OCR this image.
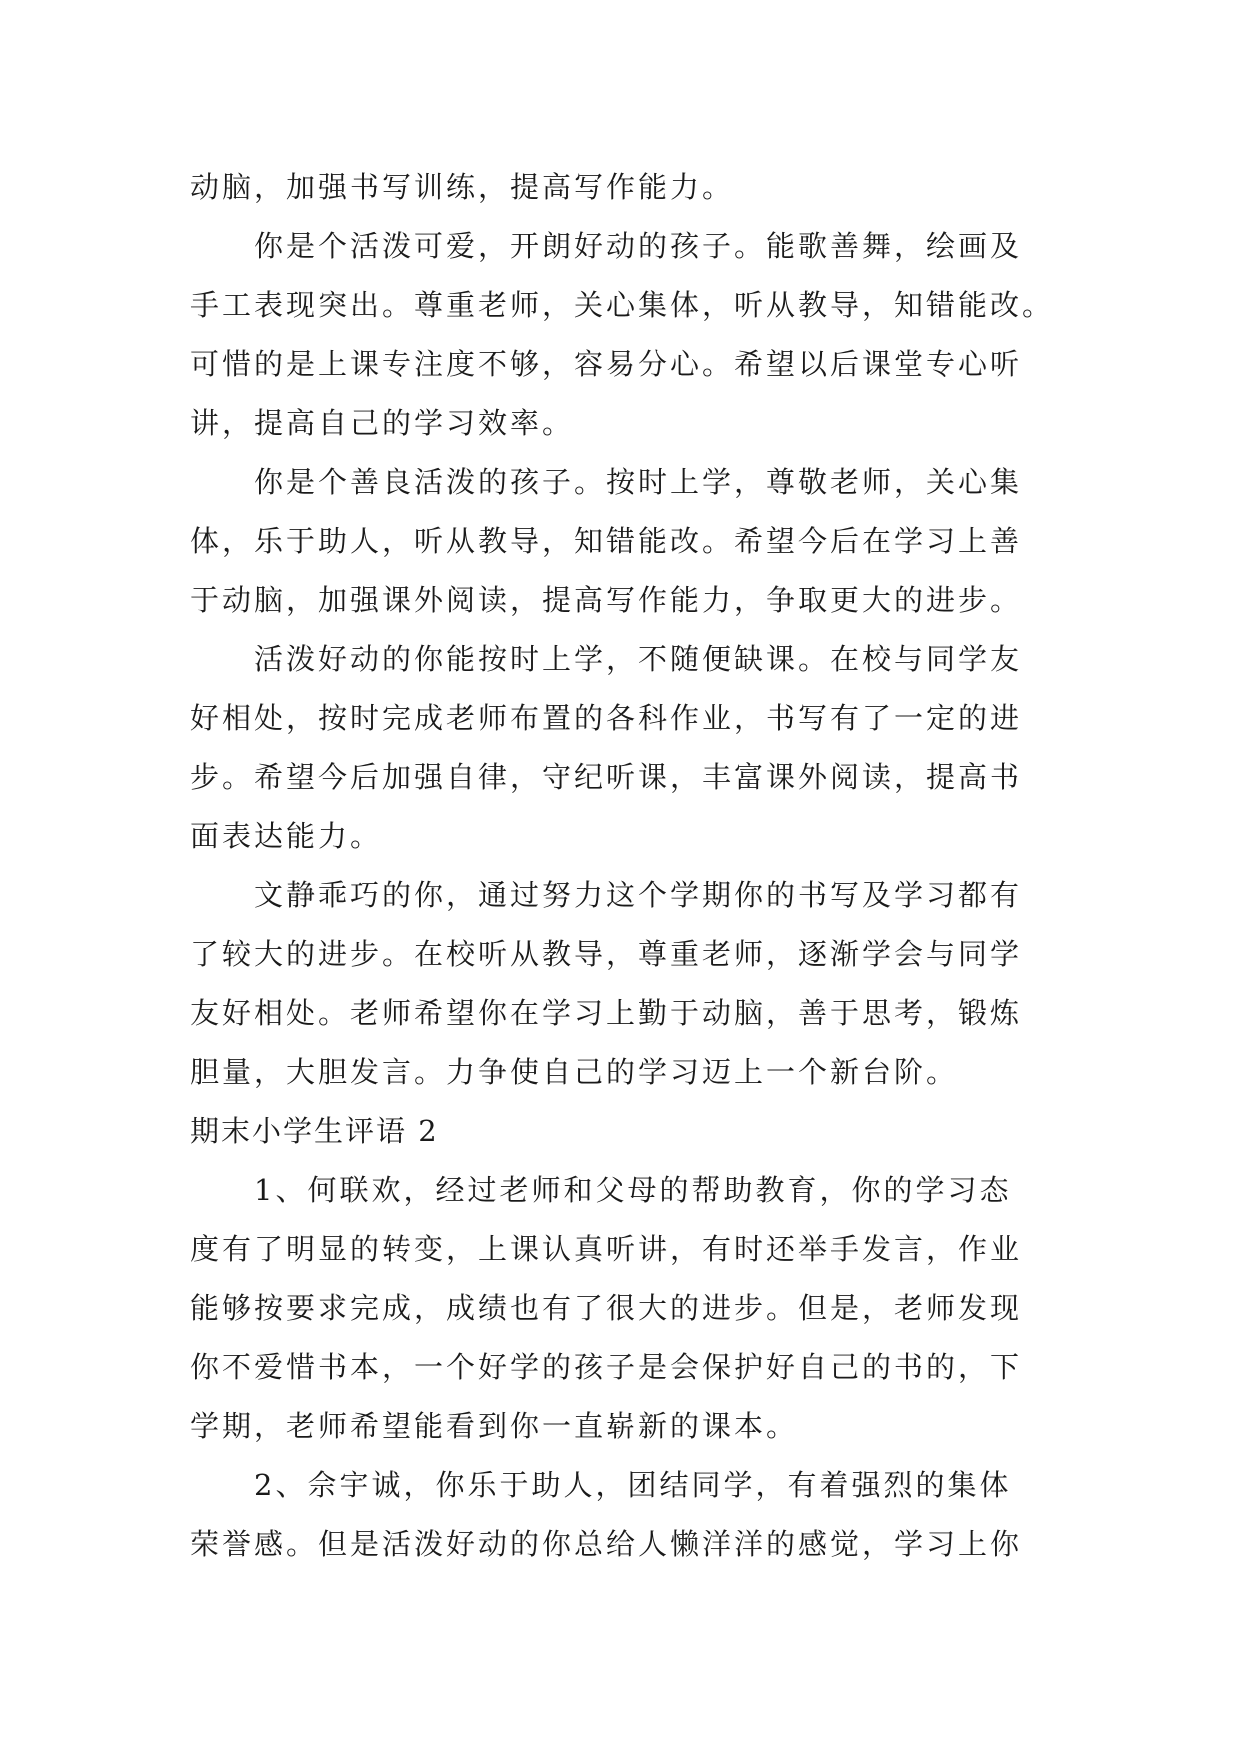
动脑，加强书写训练，提高写作能力。
你是个活泼可爱，开朗好动的孩子。能歌善舞，绘画及
手工表现突出。尊重老师，关心集体，听从教导，知错能改。
可惜的是上课专注度不够，容易分心。希望以后课堂专心听
讲，提高自己的学习效率。
你是个善良活泼的孩子。按时上学，尊敬老师，关心集
体，乐于助人，听从教导，知错能改。希望今后在学习上善
于动脑，加强课外阅读，提高写作能力，争取更大的进步。
活泼好动的你能按时上学，不随便缺课。在校与同学友
好相处，按时完成老师布置的各科作业，书写有了一定的进
步。希望今后加强自律，守纪听课，丰富课外阅读，提高书
面表达能力。
文静乖巧的你，通过努力这个学期你的书写及学习都有
了较大的进步。在校听从教导，尊重老师，逐渐学会与同学
友好相处。老师希望你在学习上勤于动脑，善于思考，锻炼
胆量，大胆发言。力争使自己的学习迈上一个新台阶。
期末小学生评语 2
1、何联欢，经过老师和父母的帮助教育，你的学习态
度有了明显的转变，上课认真听讲，有时还举手发言，作业
能够按要求完成，成绩也有了很大的进步。但是，老师发现
你不爱惜书本，一个好学的孩子是会保护好自己的书的，下
学期，老师希望能看到你一直崭新的课本。
2、佘宇诚，你乐于助人，团结同学，有着强烈的集体
荣誉感。但是活泼好动的你总给人懒洋洋的感觉，学习上你
